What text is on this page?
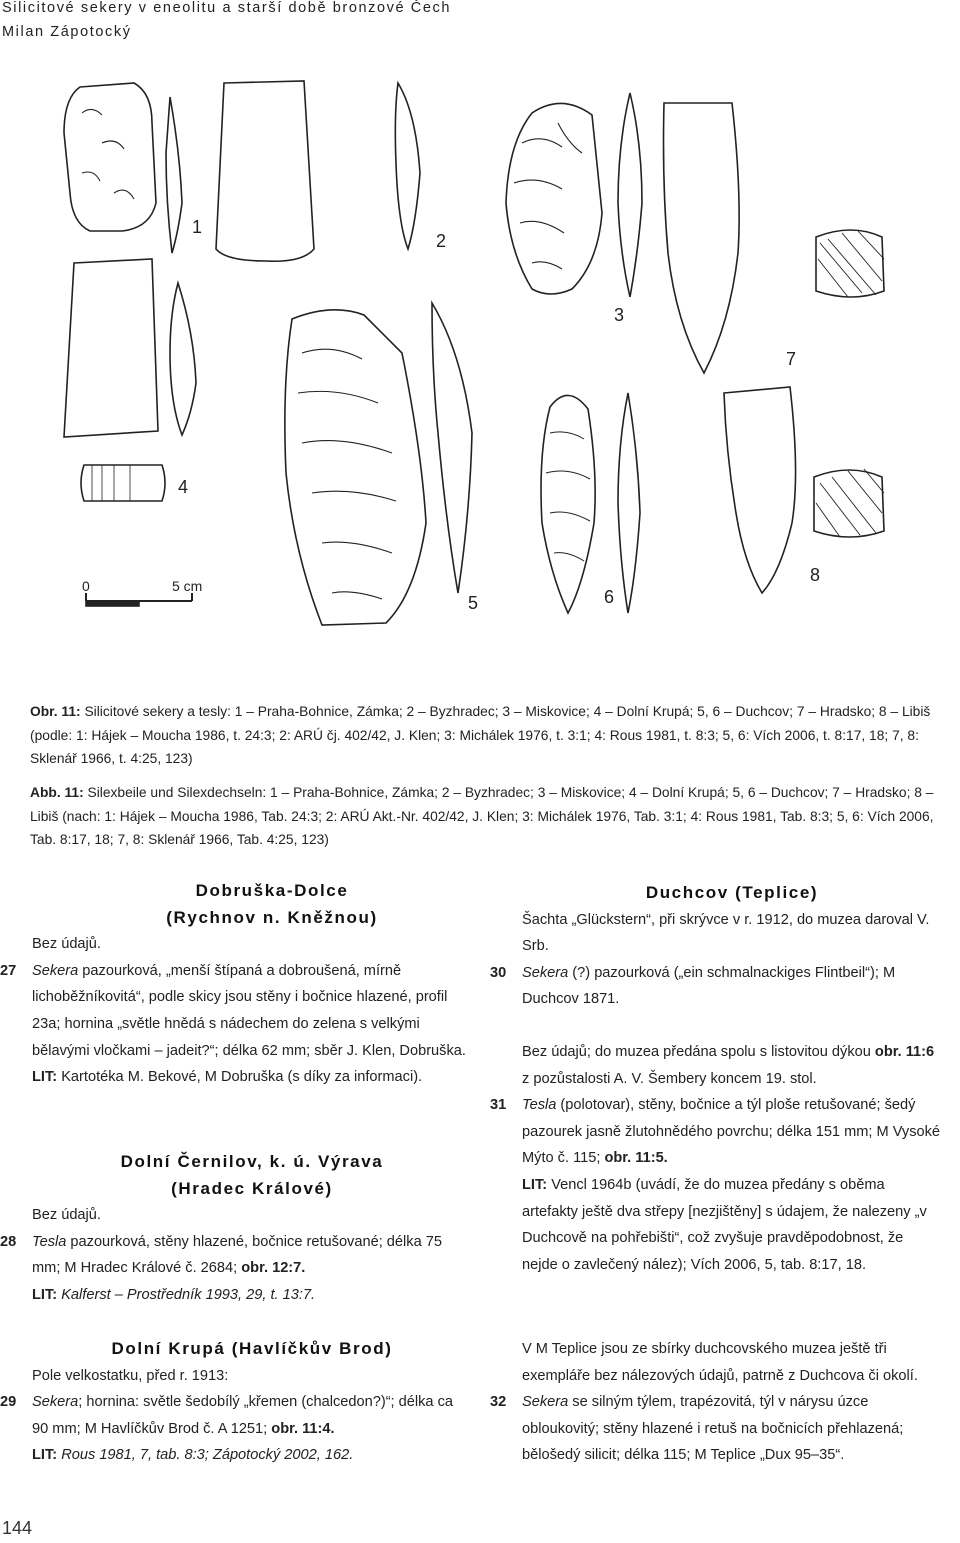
Silicitové sekery v eneolitu a starší době bronzové Čech
Milan Zápotocký
1
2
3
4
5	6
7
8
0	5 cm
Obr. 11: Silicitové sekery a tesly: 1 – Praha-Bohnice, Zámka; 2 – Byzhradec; 3 – Miskovice; 4 – Dolní Krupá; 5, 6 – Duchcov; 7 – Hradsko; 8 – Libiš (podle: 1: Hájek – Moucha 1986, t. 24:3; 2: ARÚ čj. 402/42, J. Klen; 3: Michálek 1976, t. 3:1; 4: Rous 1981, t. 8:3; 5, 6: Vích 2006, t. 8:17, 18; 7, 8: Sklenář 1966, t. 4:25, 123)
Abb. 11: Silexbeile und Silexdechseln: 1 – Praha-Bohnice, Zámka; 2 – Byzhradec; 3 – Miskovice; 4 – Dolní Krupá; 5, 6 – Duchcov; 7 – Hradsko; 8 – Libiš (nach: 1: Hájek – Moucha 1986, Tab. 24:3; 2: ARÚ Akt.-Nr. 402/42, J. Klen; 3: Michálek 1976, Tab. 3:1; 4: Rous 1981, Tab. 8:3; 5, 6: Vích 2006, Tab. 8:17, 18; 7, 8: Sklenář 1966, Tab. 4:25, 123)

Dobruška-Dolce

(Rychnov n. Kněžnou)

Bez údajů.

27 Sekera pazourková, „menší štípaná a dobroušená, mírně lichoběžníkovitá“, podle skicy jsou stěny i bočnice hlazené, profil 23a; hornina „světle hnědá s nádechem do zelena s velkými bělavými vločkami – jadeit?“; délka 62 mm; sběr J. Klen, Dobruška.

LIT: Kartotéka M. Bekové, M Dobruška (s díky za informaci).

Dolní Černilov, k. ú. Výrava

(Hradec Králové)

Bez údajů.

28 Tesla pazourková, stěny hlazené, bočnice retušované; délka 75 mm; M Hradec Králové č. 2684; obr. 12:7.

LIT: Kalferst – Prostředník 1993, 29, t. 13:7.

Dolní Krupá (Havlíčkův Brod)

Pole velkostatku, před r. 1913:

29 Sekera; hornina: světle šedobílý „křemen (chalcedon?)“; délka ca 90 mm; M Havlíčkův Brod č. A 1251; obr. 11:4.

LIT: Rous 1981, 7, tab. 8:3; Zápotocký 2002, 162.

Duchcov (Teplice)

Šachta „Glückstern“, při skrývce v r. 1912, do muzea daroval V. Srb.

30 Sekera (?) pazourková („ein schmalnackiges Flintbeil“); M Duchcov 1871.

Bez údajů; do muzea předána spolu s listovitou dýkou obr. 11:6 z pozůstalosti A. V. Šembery koncem 19. stol.

31 Tesla (polotovar), stěny, bočnice a týl ploše retušované; šedý pazourek jasně žlutohnědého povrchu; délka 151 mm; M Vysoké Mýto č. 115; obr. 11:5.

LIT: Vencl 1964b (uvádí, že do muzea předány s oběma artefakty ještě dva střepy [nezjištěny] s údajem, že nalezeny „v Duchcově na pohřebišti“, což zvyšuje pravděpodobnost, že nejde o zavlečený nález); Vích 2006, 5, tab. 8:17, 18.

V M Teplice jsou ze sbírky duchcovského muzea ještě tři exempláře bez nálezových údajů, patrně z Duchcova či okolí.

32 Sekera se silným týlem, trapézovitá, týl v nárysu úzce obloukovitý; stěny hlazené i retuš na bočnicích přehlazená; bělošedý silicit; délka 115; M Teplice „Dux 95–35“.

144
